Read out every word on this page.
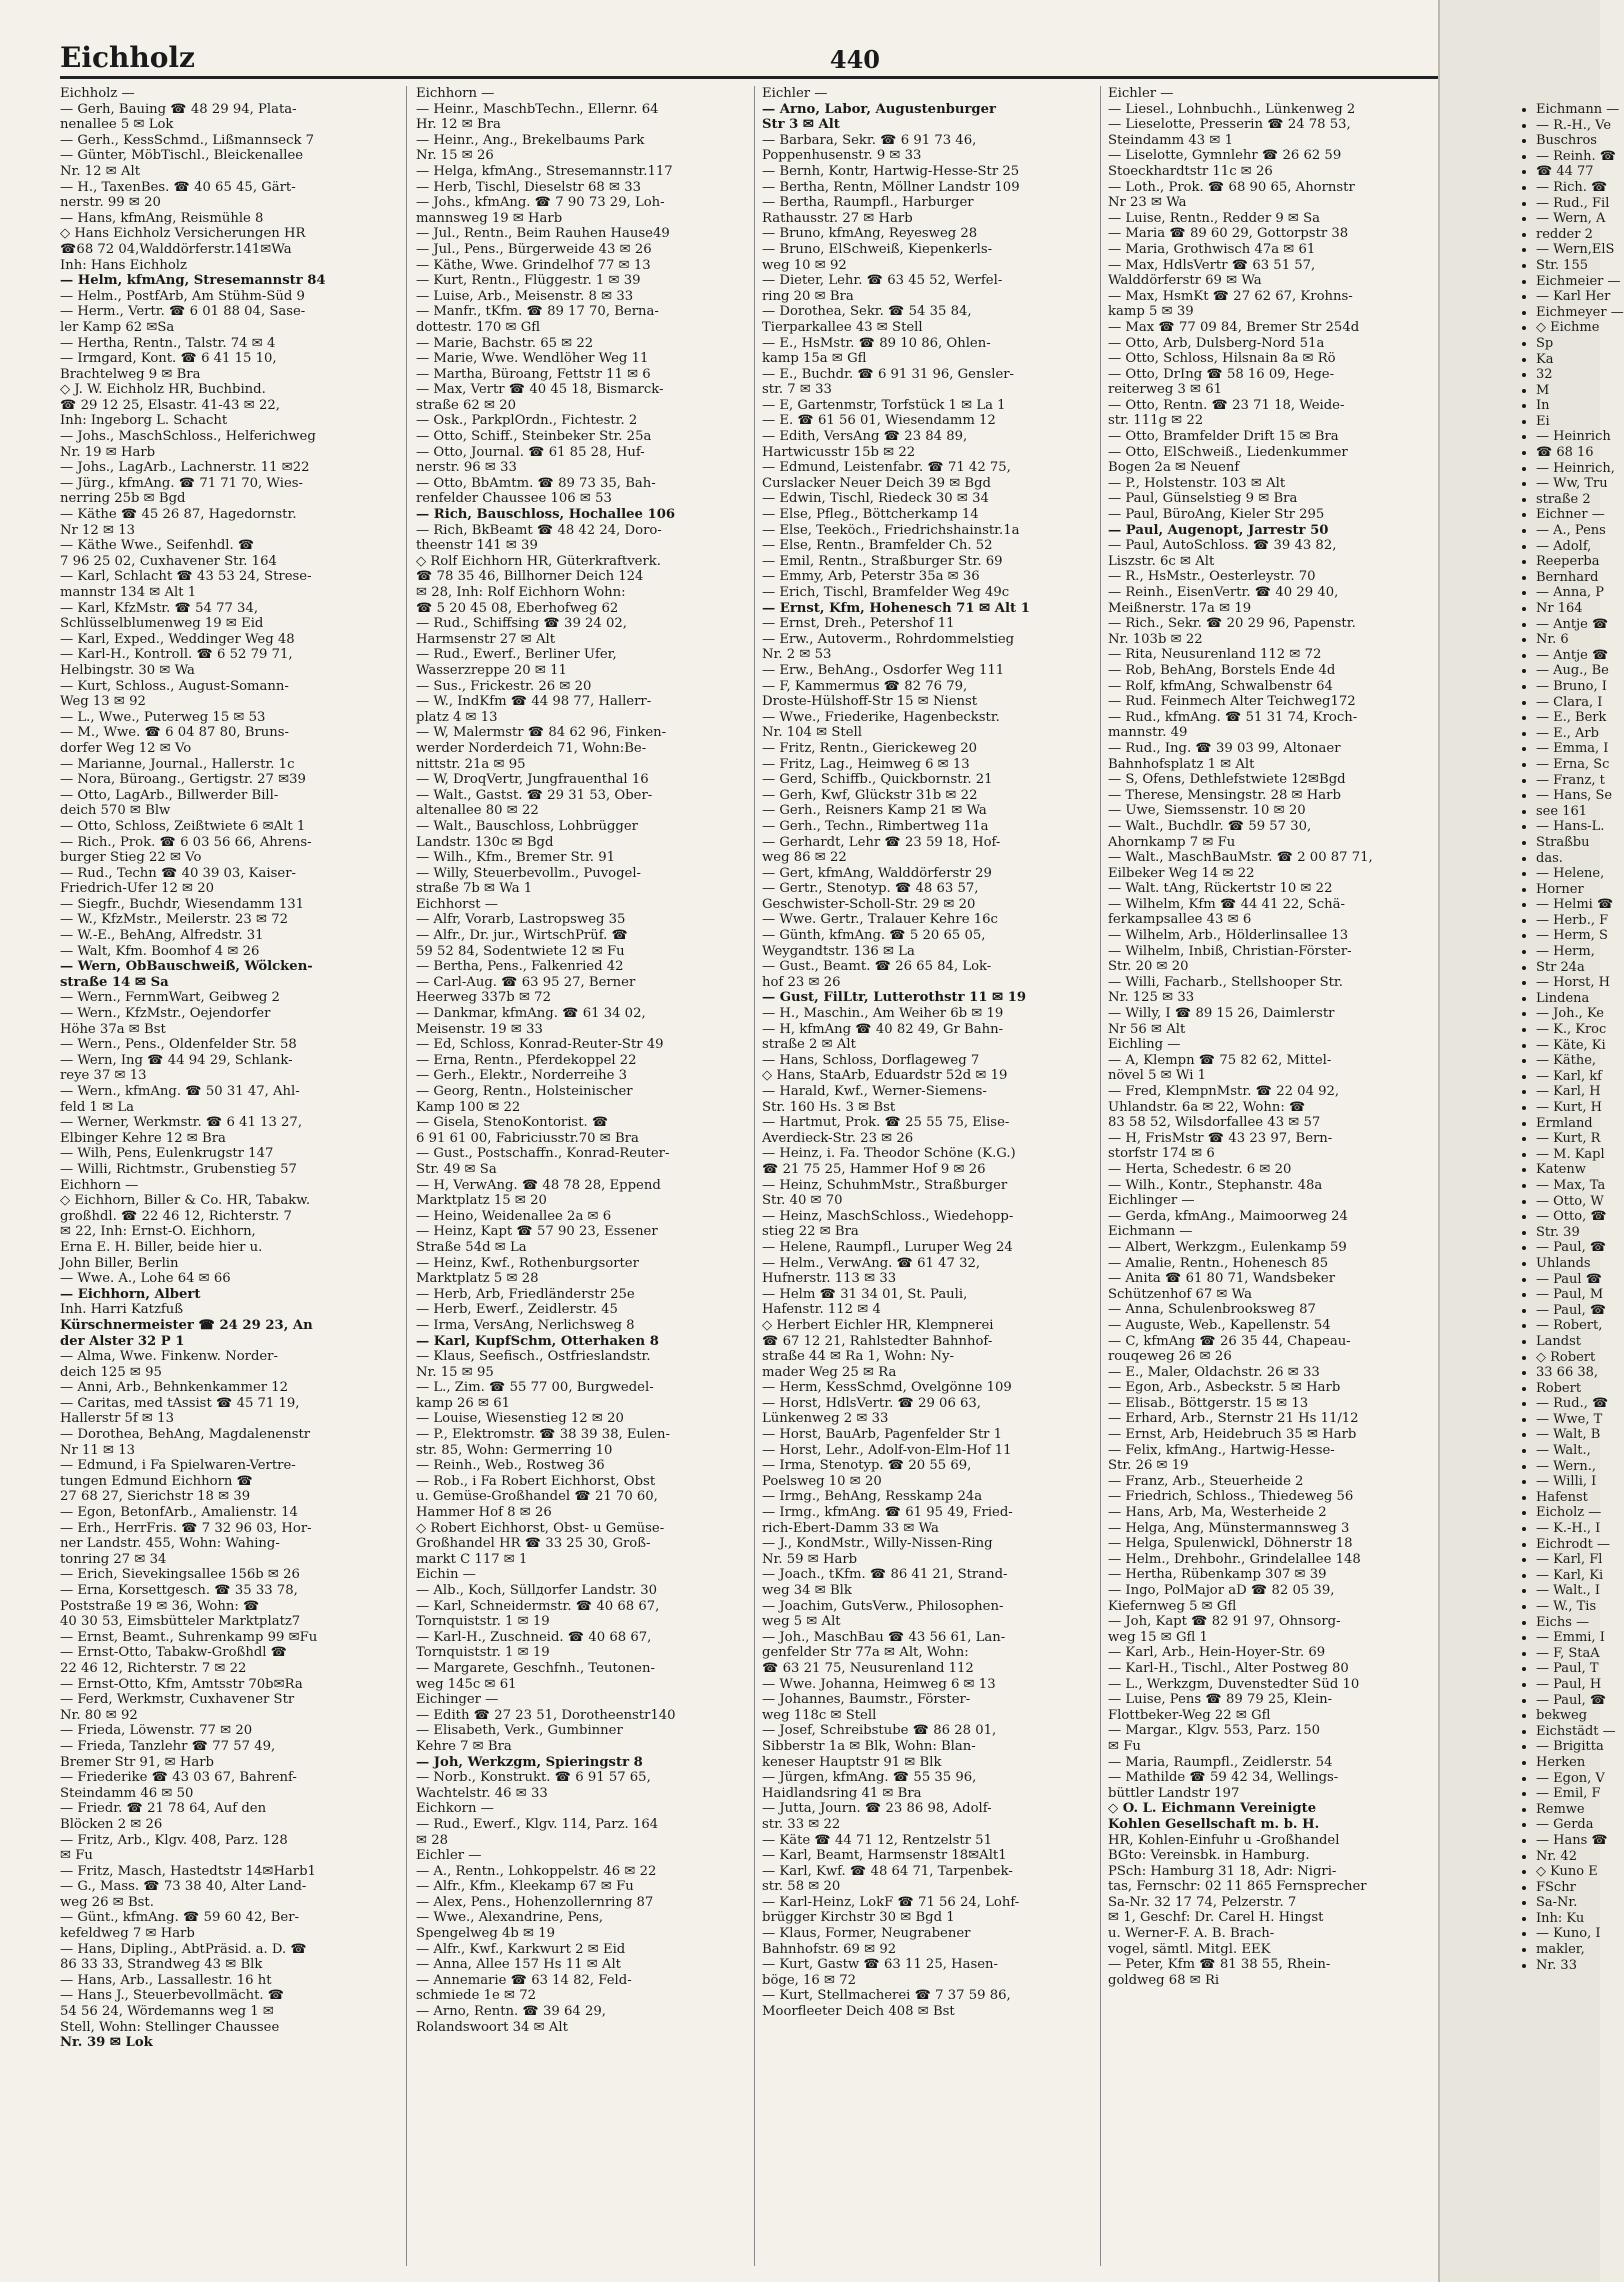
Eichholz	440
Eichholz —
— Gerh, Bauing ☎ 48 29 94, Plata-
nenallee 5 ✉ Lok
— Gerh., KessSchmd., Lißmannseck 7
— Günter, MöbTischl., Bleickenallee
Nr. 12 ✉ Alt
— H., TaxenBes. ☎ 40 65 45, Gärt-
nerstr. 99 ✉ 20
— Hans, kfmAng, Reismühle 8
◇ Hans Eichholz Versicherungen HR
☎68 72 04,Walddörferstr.141✉Wa
Inh: Hans Eichholz
— Helm, kfmAng, Stresemannstr 84
— Helm., PostfArb, Am Stühm-Süd 9
— Herm., Vertr. ☎ 6 01 88 04, Sase-
ler Kamp 62 ✉Sa
— Hertha, Rentn., Talstr. 74 ✉ 4
— Irmgard, Kont. ☎ 6 41 15 10,
Brachtelweg 9 ✉ Bra
◇ J. W. Eichholz HR, Buchbind.
☎ 29 12 25, Elsastr. 41-43 ✉ 22,
Inh: Ingeborg L. Schacht
— Johs., MaschSchloss., Helferichweg
Nr. 19 ✉ Harb
— Johs., LagArb., Lachnerstr. 11 ✉22
— Jürg., kfmAng. ☎ 71 71 70, Wies-
nerring 25b ✉ Bgd
— Käthe ☎ 45 26 87, Hagedornstr.
Nr 12 ✉ 13
— Käthe Wwe., Seifenhdl. ☎
7 96 25 02, Cuxhavener Str. 164
— Karl, Schlacht ☎ 43 53 24, Strese-
mannstr 134 ✉ Alt 1
— Karl, KfzMstr. ☎ 54 77 34,
Schlüsselblumenweg 19 ✉ Eid
— Karl, Exped., Weddinger Weg 48
— Karl-H., Kontroll. ☎ 6 52 79 71,
Helbingstr. 30 ✉ Wa
— Kurt, Schloss., August-Somann-
Weg 13 ✉ 92
— L., Wwe., Puterweg 15 ✉ 53
— M., Wwe. ☎ 6 04 87 80, Bruns-
dorfer Weg 12 ✉ Vo
— Marianne, Journal., Hallerstr. 1c
— Nora, Büroang., Gertigstr. 27 ✉39
— Otto, LagArb., Billwerder Bill-
deich 570 ✉ Blw
— Otto, Schloss, Zeißtwiete 6 ✉Alt 1
— Rich., Prok. ☎ 6 03 56 66, Ahrens-
burger Stieg 22 ✉ Vo
— Rud., Techn ☎ 40 39 03, Kaiser-
Friedrich-Ufer 12 ✉ 20
— Siegfr., Buchdr, Wiesendamm 131
— W., KfzMstr., Meilerstr. 23 ✉ 72
— W.-E., BehAng, Alfredstr. 31
— Walt, Kfm. Boomhof 4 ✉ 26
— Wern, ObBauschweiß, Wölcken-
straße 14 ✉ Sa
— Wern., FernmWart, Geibweg 2
— Wern., KfzMstr., Oejendorfer
Höhe 37a ✉ Bst
— Wern., Pens., Oldenfelder Str. 58
— Wern, Ing ☎ 44 94 29, Schlank-
reye 37 ✉ 13
— Wern., kfmAng. ☎ 50 31 47, Ahl-
feld 1 ✉ La
— Werner, Werkmstr. ☎ 6 41 13 27,
Elbinger Kehre 12 ✉ Bra
— Wilh, Pens, Eulenkrugstr 147
— Willi, Richtmstr., Grubenstieg 57
Eichhorn —
◇ Eichhorn, Biller & Co. HR, Tabakw.
großhdl. ☎ 22 46 12, Richterstr. 7
✉ 22, Inh: Ernst-O. Eichhorn,
Erna E. H. Biller, beide hier u.
John Biller, Berlin
— Wwe. A., Lohe 64 ✉ 66
— Eichhorn, Albert
Inh. Harri Katzfuß
Kürschnermeister ☎ 24 29 23, An
der Alster 32 P 1
— Alma, Wwe. Finkenw. Norder-
deich 125 ✉ 95
— Anni, Arb., Behnkenkammer 12
— Caritas, med tAssist ☎ 45 71 19,
Hallerstr 5f ✉ 13
— Dorothea, BehAng, Magdalenenstr
Nr 11 ✉ 13
— Edmund, i Fa Spielwaren-Vertre-
tungen Edmund Eichhorn ☎
27 68 27, Sierichstr 18 ✉ 39
— Egon, BetonfArb., Amalienstr. 14
— Erh., HerrFris. ☎ 7 32 96 03, Hor-
ner Landstr. 455, Wohn: Wahing-
tonring 27 ✉ 34
— Erich, Sievekingsallee 156b ✉ 26
— Erna, Korsettgesch. ☎ 35 33 78,
Poststraße 19 ✉ 36, Wohn: ☎
40 30 53, Eimsbütteler Marktplatz7
— Ernst, Beamt., Suhrenkamp 99 ✉Fu
— Ernst-Otto, Tabakw-Großhdl ☎
22 46 12, Richterstr. 7 ✉ 22
— Ernst-Otto, Kfm, Amtsstr 70b✉Ra
— Ferd, Werkmstr, Cuxhavener Str
Nr. 80 ✉ 92
— Frieda, Löwenstr. 77 ✉ 20
— Frieda, Tanzlehr ☎ 77 57 49,
Bremer Str 91, ✉ Harb
— Friederike ☎ 43 03 67, Bahrenf-
Steindamm 46 ✉ 50
— Friedr. ☎ 21 78 64, Auf den
Blöcken 2 ✉ 26
— Fritz, Arb., Klgv. 408, Parz. 128
✉ Fu
— Fritz, Masch, Hastedtstr 14✉Harb1
— G., Mass. ☎ 73 38 40, Alter Land-
weg 26 ✉ Bst.
— Günt., kfmAng. ☎ 59 60 42, Ber-
kefeldweg 7 ✉ Harb
— Hans, Dipling., AbtPräsid. a. D. ☎
86 33 33, Strandweg 43 ✉ Blk
— Hans, Arb., Lassallestr. 16 ht
— Hans J., Steuerbevollmächt. ☎
54 56 24, Wördemanns weg 1 ✉
Stell, Wohn: Stellinger Chaussee
Nr. 39 ✉ Lok
Eichhorn —
— Heinr., MaschbTechn., Ellernr. 64
Hr. 12 ✉ Bra
— Heinr., Ang., Brekelbaums Park
Nr. 15 ✉ 26
— Helga, kfmAng., Stresemannstr.117
— Herb, Tischl, Dieselstr 68 ✉ 33
— Johs., kfmAng. ☎ 7 90 73 29, Loh-
mannsweg 19 ✉ Harb
— Jul., Rentn., Beim Rauhen Hause49
— Jul., Pens., Bürgerweide 43 ✉ 26
— Käthe, Wwe. Grindelhof 77 ✉ 13
— Kurt, Rentn., Flüggestr. 1 ✉ 39
— Luise, Arb., Meisenstr. 8 ✉ 33
— Manfr., tKfm. ☎ 89 17 70, Berna-
dottestr. 170 ✉ Gfl
— Marie, Bachstr. 65 ✉ 22
— Marie, Wwe. Wendlöher Weg 11
— Martha, Büroang, Fettstr 11 ✉ 6
— Max, Vertr ☎ 40 45 18, Bismarck-
straße 62 ✉ 20
— Osk., ParkplOrdn., Fichtestr. 2
— Otto, Schiff., Steinbeker Str. 25a
— Otto, Journal. ☎ 61 85 28, Huf-
nerstr. 96 ✉ 33
— Otto, BbAmtm. ☎ 89 73 35, Bah-
renfelder Chaussee 106 ✉ 53
— Rich, Bauschloss, Hochallee 106
— Rich, BkBeamt ☎ 48 42 24, Doro-
theenstr 141 ✉ 39
◇ Rolf Eichhorn HR, Güterkraftverk.
☎ 78 35 46, Billhorner Deich 124
✉ 28, Inh: Rolf Eichhorn Wohn:
☎ 5 20 45 08, Eberhofweg 62
— Rud., Schiffsing ☎ 39 24 02,
Harmsenstr 27 ✉ Alt
— Rud., Ewerf., Berliner Ufer,
Wasserzreppe 20 ✉ 11
— Sus., Frickestr. 26 ✉ 20
— W., IndKfm ☎ 44 98 77, Hallerr-
platz 4 ✉ 13
— W, Malermstr ☎ 84 62 96, Finken-
werder Norderdeich 71, Wohn:Be-
nittstr. 21a ✉ 95
— W, DroqVertr, Jungfrauenthal 16
— Walt., Gastst. ☎ 29 31 53, Ober-
altenallee 80 ✉ 22
— Walt., Bauschloss, Lohbrügger
Landstr. 130c ✉ Bgd
— Wilh., Kfm., Bremer Str. 91
— Willy, Steuerbevollm., Puvogel-
straße 7b ✉ Wa 1
Eichhorst —
— Alfr, Vorarb, Lastropsweg 35
— Alfr., Dr. jur., WirtschPrüf. ☎
59 52 84, Sodentwiete 12 ✉ Fu
— Bertha, Pens., Falkenried 42
— Carl-Aug. ☎ 63 95 27, Berner
Heerweg 337b ✉ 72
— Dankmar, kfmAng. ☎ 61 34 02,
Meisenstr. 19 ✉ 33
— Ed, Schloss, Konrad-Reuter-Str 49
— Erna, Rentn., Pferdekoppel 22
— Gerh., Elektr., Norderreihe 3
— Georg, Rentn., Holsteinischer
Kamp 100 ✉ 22
— Gisela, StenoKontorist. ☎
6 91 61 00, Fabriciusstr.70 ✉ Bra
— Gust., Postschaffn., Konrad-Reuter-
Str. 49 ✉ Sa
— H, VerwAng. ☎ 48 78 28, Eppend
Marktplatz 15 ✉ 20
— Heino, Weidenallee 2a ✉ 6
— Heinz, Kapt ☎ 57 90 23, Essener
Straße 54d ✉ La
— Heinz, Kwf., Rothenburgsorter
Marktplatz 5 ✉ 28
— Herb, Arb, Friedländerstr 25e
— Herb, Ewerf., Zeidlerstr. 45
— Irma, VersAng, Nerlichsweg 8
— Karl, KupfSchm, Otterhaken 8
— Klaus, Seefisch., Ostfrieslandstr.
Nr. 15 ✉ 95
— L., Zim. ☎ 55 77 00, Burgwedel-
kamp 26 ✉ 61
— Louise, Wiesenstieg 12 ✉ 20
— P., Elektromstr. ☎ 38 39 38, Eulen-
str. 85, Wohn: Germerring 10
— Reinh., Web., Rostweg 36
— Rob., i Fa Robert Eichhorst, Obst
u. Gemüse-Großhandel ☎ 21 70 60,
Hammer Hof 8 ✉ 26
◇ Robert Eichhorst, Obst- u Gemüse-
Großhandel HR ☎ 33 25 30, Groß-
markt C 117 ✉ 1
Eichin —
— Alb., Koch, Süllдorfer Landstr. 30
— Karl, Schneidermstr. ☎ 40 68 67,
Tornquiststr. 1 ✉ 19
— Karl-H., Zuschneid. ☎ 40 68 67,
Tornquiststr. 1 ✉ 19
— Margarete, Geschfnh., Teutonen-
weg 145c ✉ 61
Eichinger —
— Edith ☎ 27 23 51, Dorotheenstr140
— Elisabeth, Verk., Gumbinner
Kehre 7 ✉ Bra
— Joh, Werkzgm, Spieringstr 8
— Norb., Konstrukt. ☎ 6 91 57 65,
Wachtelstr. 46 ✉ 33
Eichkorn —
— Rud., Ewerf., Klgv. 114, Parz. 164
✉ 28
Eichler —
— A., Rentn., Lohkoppelstr. 46 ✉ 22
— Alfr., Kfm., Kleekamp 67 ✉ Fu
— Alex, Pens., Hohenzollernring 87
— Wwe., Alexandrine, Pens,
Spengelweg 4b ✉ 19
— Alfr., Kwf., Karkwurt 2 ✉ Eid
— Anna, Allee 157 Hs 11 ✉ Alt
— Annemarie ☎ 63 14 82, Feld-
schmiede 1e ✉ 72
— Arno, Rentn. ☎ 39 64 29,
Rolandswoort 34 ✉ Alt
Eichler —
— Arno, Labor, Augustenburger
Str 3 ✉ Alt
— Barbara, Sekr. ☎ 6 91 73 46,
Poppenhusenstr. 9 ✉ 33
— Bernh, Kontr, Hartwig-Hesse-Str 25
— Bertha, Rentn, Möllner Landstr 109
— Bertha, Raumpfl., Harburger
Rathausstr. 27 ✉ Harb
— Bruno, kfmAng, Reyesweg 28
— Bruno, ElSchweiß, Kiepenkerls-
weg 10 ✉ 92
— Dieter, Lehr. ☎ 63 45 52, Werfel-
ring 20 ✉ Bra
— Dorothea, Sekr. ☎ 54 35 84,
Tierparkallee 43 ✉ Stell
— E., HsMstr. ☎ 89 10 86, Ohlen-
kamp 15a ✉ Gfl
— E., Buchdr. ☎ 6 91 31 96, Gensler-
str. 7 ✉ 33
— E, Gartenmstr, Torfstück 1 ✉ La 1
— E. ☎ 61 56 01, Wiesendamm 12
— Edith, VersAng ☎ 23 84 89,
Hartwicusstr 15b ✉ 22
— Edmund, Leistenfabr. ☎ 71 42 75,
Curslacker Neuer Deich 39 ✉ Bgd
— Edwin, Tischl, Riedeck 30 ✉ 34
— Else, Pfleg., Böttcherkamp 14
— Else, Teeköch., Friedrichshainstr.1a
— Else, Rentn., Bramfelder Ch. 52
— Emil, Rentn., Straßburger Str. 69
— Emmy, Arb, Peterstr 35a ✉ 36
— Erich, Tischl, Bramfelder Weg 49c
— Ernst, Kfm, Hohenesch 71 ✉ Alt 1
— Ernst, Dreh., Petershof 11
— Erw., Autoverm., Rohrdommelstieg
Nr. 2 ✉ 53
— Erw., BehAng., Osdorfer Weg 111
— F, Kammermus ☎ 82 76 79,
Droste-Hülshoff-Str 15 ✉ Nienst
— Wwe., Friederike, Hagenbeckstr.
Nr. 104 ✉ Stell
— Fritz, Rentn., Gierickeweg 20
— Fritz, Lag., Heimweg 6 ✉ 13
— Gerd, Schiffb., Quickbornstr. 21
— Gerh, Kwf, Glückstr 31b ✉ 22
— Gerh., Reisners Kamp 21 ✉ Wa
— Gerh., Techn., Rimbertweg 11a
— Gerhardt, Lehr ☎ 23 59 18, Hof-
weg 86 ✉ 22
— Gert, kfmAng, Walddörferstr 29
— Gertr., Stenotyp. ☎ 48 63 57,
Geschwister-Scholl-Str. 29 ✉ 20
— Wwe. Gertr., Tralauer Kehre 16c
— Günth, kfmAng. ☎ 5 20 65 05,
Weygandtstr. 136 ✉ La
— Gust., Beamt. ☎ 26 65 84, Lok-
hof 23 ✉ 26
— Gust, FilLtr, Lutterothstr 11 ✉ 19
— H., Maschin., Am Weiher 6b ✉ 19
— H, kfmAng ☎ 40 82 49, Gr Bahn-
straße 2 ✉ Alt
— Hans, Schloss, Dorflageweg 7
◇ Hans, StaArb, Eduardstr 52d ✉ 19
— Harald, Kwf., Werner-Siemens-
Str. 160 Hs. 3 ✉ Bst
— Hartmut, Prok. ☎ 25 55 75, Elise-
Averdieck-Str. 23 ✉ 26
— Heinz, i. Fa. Theodor Schöne (K.G.)
☎ 21 75 25, Hammer Hof 9 ✉ 26
— Heinz, SchuhmMstr., Straßburger
Str. 40 ✉ 70
— Heinz, MaschSchloss., Wiedehopp-
stieg 22 ✉ Bra
— Helene, Raumpfl., Luruper Weg 24
— Helm., VerwAng. ☎ 61 47 32,
Hufnerstr. 113 ✉ 33
— Helm ☎ 31 34 01, St. Pauli,
Hafenstr. 112 ✉ 4
◇ Herbert Eichler HR, Klempnerei
☎ 67 12 21, Rahlstedter Bahnhof-
straße 44 ✉ Ra 1, Wohn: Ny-
mader Weg 25 ✉ Ra
— Herm, KessSchmd, Ovelgönne 109
— Horst, HdlsVertr. ☎ 29 06 63,
Lünkenweg 2 ✉ 33
— Horst, BauArb, Pagenfelder Str 1
— Horst, Lehr., Adolf-von-Elm-Hof 11
— Irma, Stenotyp. ☎ 20 55 69,
Poelsweg 10 ✉ 20
— Irmg., BehAng, Resskamp 24a
— Irmg., kfmAng. ☎ 61 95 49, Fried-
rich-Ebert-Damm 33 ✉ Wa
— J., KondMstr., Willy-Nissen-Ring
Nr. 59 ✉ Harb
— Joach., tKfm. ☎ 86 41 21, Strand-
weg 34 ✉ Blk
— Joachim, GutsVerw., Philosophen-
weg 5 ✉ Alt
— Joh., MaschBau ☎ 43 56 61, Lan-
genfelder Str 77a ✉ Alt, Wohn:
☎ 63 21 75, Neusurenland 112
— Wwe. Johanna, Heimweg 6 ✉ 13
— Johannes, Baumstr., Förster-
weg 118c ✉ Stell
— Josef, Schreibstube ☎ 86 28 01,
Sibberstr 1a ✉ Blk, Wohn: Blan-
keneser Hauptstr 91 ✉ Blk
— Jürgen, kfmAng. ☎ 55 35 96,
Haidlandsring 41 ✉ Bra
— Jutta, Journ. ☎ 23 86 98, Adolf-
str. 33 ✉ 22
— Käte ☎ 44 71 12, Rentzelstr 51
— Karl, Beamt, Harmsenstr 18✉Alt1
— Karl, Kwf. ☎ 48 64 71, Tarpenbek-
str. 58 ✉ 20
— Karl-Heinz, LokF ☎ 71 56 24, Lohf-
brügger Kirchstr 30 ✉ Bgd 1
— Klaus, Former, Neugrabener
Bahnhofstr. 69 ✉ 92
— Kurt, Gastw ☎ 63 11 25, Hasen-
böge, 16 ✉ 72
— Kurt, Stellmacherei ☎ 7 37 59 86,
Moorfleeter Deich 408 ✉ Bst
Eichler —
— Liesel., Lohnbuchh., Lünkenweg 2
— Lieselotte, Presserin ☎ 24 78 53,
Steindamm 43 ✉ 1
— Liselotte, Gymnlehr ☎ 26 62 59
Stoeckhardtstr 11c ✉ 26
— Loth., Prok. ☎ 68 90 65, Ahornstr
Nr 23 ✉ Wa
— Luise, Rentn., Redder 9 ✉ Sa
— Maria ☎ 89 60 29, Gottorpstr 38
— Maria, Grothwisch 47a ✉ 61
— Max, HdlsVertr ☎ 63 51 57,
Walddörferstr 69 ✉ Wa
— Max, HsmKt ☎ 27 62 67, Krohns-
kamp 5 ✉ 39
— Max ☎ 77 09 84, Bremer Str 254d
— Otto, Arb, Dulsberg-Nord 51a
— Otto, Schloss, Hilsnain 8a ✉ Rö
— Otto, DrIng ☎ 58 16 09, Hege-
reiterweg 3 ✉ 61
— Otto, Rentn. ☎ 23 71 18, Weide-
str. 111g ✉ 22
— Otto, Bramfelder Drift 15 ✉ Bra
— Otto, ElSchweiß., Liedenkummer
Bogen 2a ✉ Neuenf
— P., Holstenstr. 103 ✉ Alt
— Paul, Günselstieg 9 ✉ Bra
— Paul, BüroAng, Kieler Str 295
— Paul, Augenopt, Jarrestr 50
— Paul, AutoSchloss. ☎ 39 43 82,
Liszstr. 6c ✉ Alt
— R., HsMstr., Oesterleystr. 70
— Reinh., EisenVertr. ☎ 40 29 40,
Meißnerstr. 17a ✉ 19
— Rich., Sekr. ☎ 20 29 96, Papenstr.
Nr. 103b ✉ 22
— Rita, Neusurenland 112 ✉ 72
— Rob, BehAng, Borstels Ende 4d
— Rolf, kfmAng, Schwalbenstr 64
— Rud. Feinmech Alter Teichweg172
— Rud., kfmAng. ☎ 51 31 74, Kroch-
mannstr. 49
— Rud., Ing. ☎ 39 03 99, Altonaer
Bahnhofsplatz 1 ✉ Alt
— S, Ofens, Dethlefstwiete 12✉Bgd
— Therese, Mensingstr. 28 ✉ Harb
— Uwe, Siemssenstr. 10 ✉ 20
— Walt., Buchdlr. ☎ 59 57 30,
Ahornkamp 7 ✉ Fu
— Walt., MaschBauMstr. ☎ 2 00 87 71,
Eilbeker Weg 14 ✉ 22
— Walt. tAng, Rückertstr 10 ✉ 22
— Wilhelm, Kfm ☎ 44 41 22, Schä-
ferkampsallee 43 ✉ 6
— Wilhelm, Arb., Hölderlinsallee 13
— Wilhelm, Inbiß, Christian-Förster-
Str. 20 ✉ 20
— Willi, Facharb., Stellshooper Str.
Nr. 125 ✉ 33
— Willy, I ☎ 89 15 26, Daimlerstr
Nr 56 ✉ Alt
Eichling —
— A, Klempn ☎ 75 82 62, Mittel-
növel 5 ✉ Wi 1
— Fred, KlempnMstr. ☎ 22 04 92,
Uhlandstr. 6a ✉ 22, Wohn: ☎
83 58 52, Wilsdorfallee 43 ✉ 57
— H, FrisMstr ☎ 43 23 97, Bern-
storfstr 174 ✉ 6
— Herta, Schedestr. 6 ✉ 20
— Wilh., Kontr., Stephanstr. 48a
Eichlinger —
— Gerda, kfmAng., Maimoorweg 24
Eichmann —
— Albert, Werkzgm., Eulenkamp 59
— Amalie, Rentn., Hohenesch 85
— Anita ☎ 61 80 71, Wandsbeker
Schützenhof 67 ✉ Wa
— Anna, Schulenbrooksweg 87
— Auguste, Web., Kapellenstr. 54
— C, kfmAng ☎ 26 35 44, Chapeau-
rouqeweg 26 ✉ 26
— E., Maler, Oldachstr. 26 ✉ 33
— Egon, Arb., Asbeckstr. 5 ✉ Harb
— Elisab., Böttgerstr. 15 ✉ 13
— Erhard, Arb., Sternstr 21 Hs 11/12
— Ernst, Arb, Heidebruch 35 ✉ Harb
— Felix, kfmAng., Hartwig-Hesse-
Str. 26 ✉ 19
— Franz, Arb., Steuerheide 2
— Friedrich, Schloss., Thiedeweg 56
— Hans, Arb, Ma, Westerheide 2
— Helga, Ang, Münstermannsweg 3
— Helga, Spulenwickl, Döhnerstr 18
— Helm., Drehbohr., Grindelallee 148
— Hertha, Rübenkamp 307 ✉ 39
— Ingo, PolMajor aD ☎ 82 05 39,
Kiefernweg 5 ✉ Gfl
— Joh, Kapt ☎ 82 91 97, Ohnsorg-
weg 15 ✉ Gfl 1
— Karl, Arb., Hein-Hoyer-Str. 69
— Karl-H., Tischl., Alter Postweg 80
— L., Werkzgm, Duvenstedter Süd 10
— Luise, Pens ☎ 89 79 25, Klein-
Flottbeker-Weg 22 ✉ Gfl
— Margar., Klgv. 553, Parz. 150
✉ Fu
— Maria, Raumpfl., Zeidlerstr. 54
— Mathilde ☎ 59 42 34, Wellings-
büttler Landstr 197
◇ O. L. Eichmann Vereinigte
Kohlen Gesellschaft m. b. H.
HR, Kohlen-Einfuhr u -Großhandel
BGto: Vereinsbk. in Hamburg.
PSch: Hamburg 31 18, Adr: Nigri-
tas, Fernschr: 02 11 865 Fernsprecher
Sa-Nr. 32 17 74, Pelzerstr. 7
✉ 1, Geschf: Dr. Carel H. Hingst
u. Werner-F. A. B. Brach-
vogel, sämtl. Mitgl. EEK
— Peter, Kfm ☎ 81 38 55, Rhein-
goldweg 68 ✉ Ri
• Eichmann —
• — R.-H., Ve
• Buschros
• — Reinh. ☎
• ☎ 44 77
• — Rich. ☎
• — Rud., Fil
• — Wern, A
• redder 2
• — Wern,ElS
• Str. 155
• Eichmeier —
• — Karl Her
• Eichmeyer —
• ◇ Eichme
• Sp
• Ka
• 32
• M
• In
• Ei
• — Heinrich
• ☎ 68 16
• — Heinrich,
• — Ww, Tru
• straße 2
• Eichner —
• — A., Pens
• — Adolf,
• Reeperba
• Bernhard
• — Anna, P
• Nr 164
• — Antje ☎
• Nr. 6
• — Antje ☎
• — Aug., Be
• — Bruno, I
• — Clara, I
• — E., Berk
• — E., Arb
• — Emma, I
• — Erna, Sc
• — Franz, t
• — Hans, Se
• see 161
• — Hans-L.
• Straßbu
• das.
• — Helene,
• Horner
• — Helmi ☎
• — Herb., F
• — Herm, S
• — Herm,
• Str 24a
• — Horst, H
• Lindena
• — Joh., Ke
• — K., Kroc
• — Käte, Ki
• — Käthe,
• — Karl, kf
• — Karl, H
• — Kurt, H
• Ermland
• — Kurt, R
• — M. Kapl
• Katenw
• — Max, Ta
• — Otto, W
• — Otto, ☎
• Str. 39
• — Paul, ☎
• Uhlands
• — Paul ☎
• — Paul, M
• — Paul, ☎
• — Robert,
• Landst
• ◇ Robert
• 33 66 38,
• Robert
• — Rud., ☎
• — Wwe, T
• — Walt, B
• — Walt.,
• — Wern.,
• — Willi, I
• Hafenst
• Eicholz —
• — K.-H., I
• Eichrodt —
• — Karl, Fl
• — Karl, Ki
• — Walt., I
• — W., Tis
• Eichs —
• — Emmi, I
• — F, StaA
• — Paul, T
• — Paul, H
• — Paul, ☎
• bekweg
• Eichstädt —
• — Brigitta
• Herken
• — Egon, V
• — Emil, F
• Remwe
• — Gerda
• — Hans ☎
• Nr. 42
• ◇ Kuno E
• FSchr
• Sa-Nr.
• Inh: Ku
• — Kuno, I
• makler,
• Nr. 33
